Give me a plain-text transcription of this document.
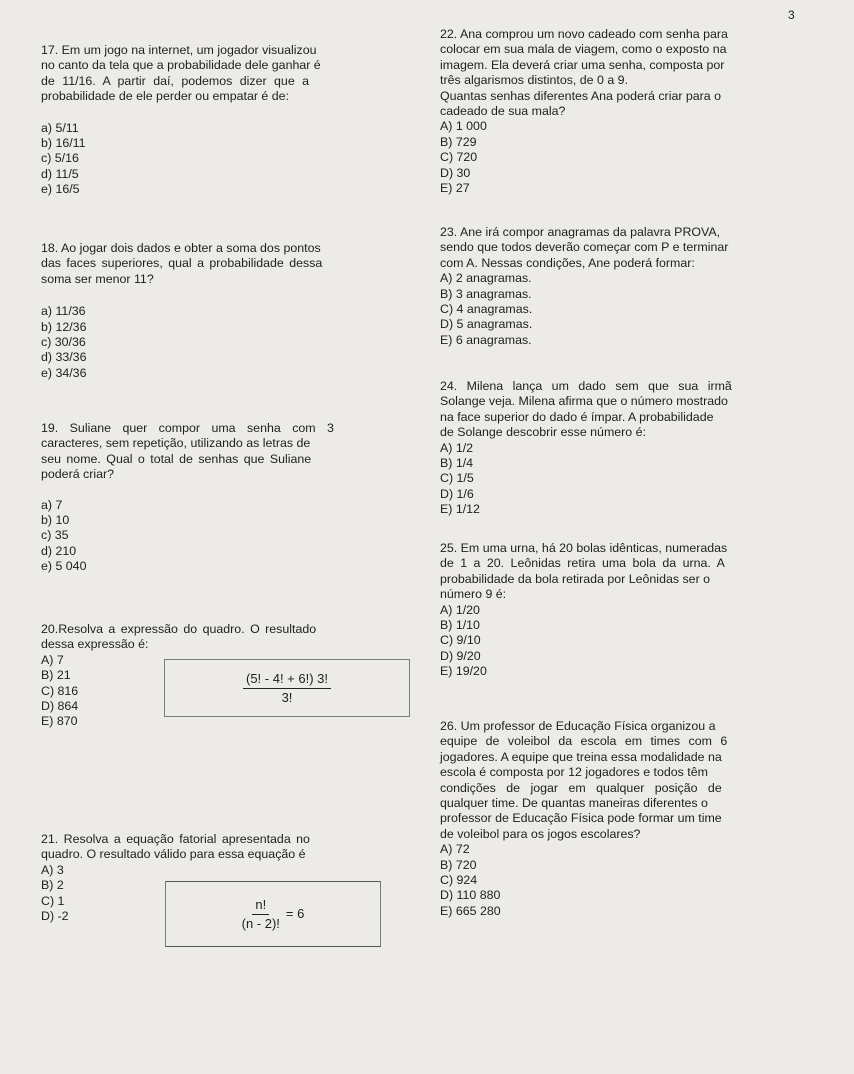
3
17. Em um jogo na internet, um jogador visualizou
no canto da tela que a probabilidade dele ganhar é
de 11/16. A partir daí, podemos dizer que a
probabilidade de ele perder ou empatar é de:
a) 5/11
b) 16/11
c) 5/16
d) 11/5
e) 16/5
18. Ao jogar dois dados e obter a soma dos pontos
das faces superiores, qual a probabilidade dessa
soma ser menor 11?
a) 11/36
b) 12/36
c) 30/36
d) 33/36
e) 34/36
19. Suliane quer compor uma senha com 3
caracteres, sem repetição, utilizando as letras de
seu nome. Qual o total de senhas que Suliane
poderá criar?
a) 7
b) 10
c) 35
d) 210
e) 5 040
20.Resolva a expressão do quadro. O resultado
dessa expressão é:
A) 7
B) 21
C) 816
D) 864
E) 870
21. Resolva a equação fatorial apresentada no
quadro. O resultado válido para essa equação é
A) 3
B) 2
C) 1
D) -2
$\frac{(5! - 4! + 6!) 3!}{3!}$
$\frac{n!}{(n - 2)!} = 6$
22. Ana comprou um novo cadeado com senha para
colocar em sua mala de viagem, como o exposto na
imagem. Ela deverá criar uma senha, composta por
três algarismos distintos, de 0 a 9.
Quantas senhas diferentes Ana poderá criar para o
cadeado de sua mala?
A) 1 000
B) 729
C) 720
D) 30
E) 27
23. Ane irá compor anagramas da palavra PROVA,
sendo que todos deverão começar com P e terminar
com A. Nessas condições, Ane poderá formar:
A) 2 anagramas.
B) 3 anagramas.
C) 4 anagramas.
D) 5 anagramas.
E) 6 anagramas.
24. Milena lança um dado sem que sua irmã
Solange veja. Milena afirma que o número mostrado
na face superior do dado é ímpar. A probabilidade
de Solange descobrir esse número é:
A) 1/2
B) 1/4
C) 1/5
D) 1/6
E) 1/12
25. Em uma urna, há 20 bolas idênticas, numeradas
de 1 a 20. Leônidas retira uma bola da urna. A
probabilidade da bola retirada por Leônidas ser o
número 9 é:
A) 1/20
B) 1/10
C) 9/10
D) 9/20
E) 19/20
26. Um professor de Educação Física organizou a
equipe de voleibol da escola em times com 6
jogadores. A equipe que treina essa modalidade na
escola é composta por 12 jogadores e todos têm
condições de jogar em qualquer posição de
qualquer time. De quantas maneiras diferentes o
professor de Educação Física pode formar um time
de voleibol para os jogos escolares?
A) 72
B) 720
C) 924
D) 110 880
E) 665 280
